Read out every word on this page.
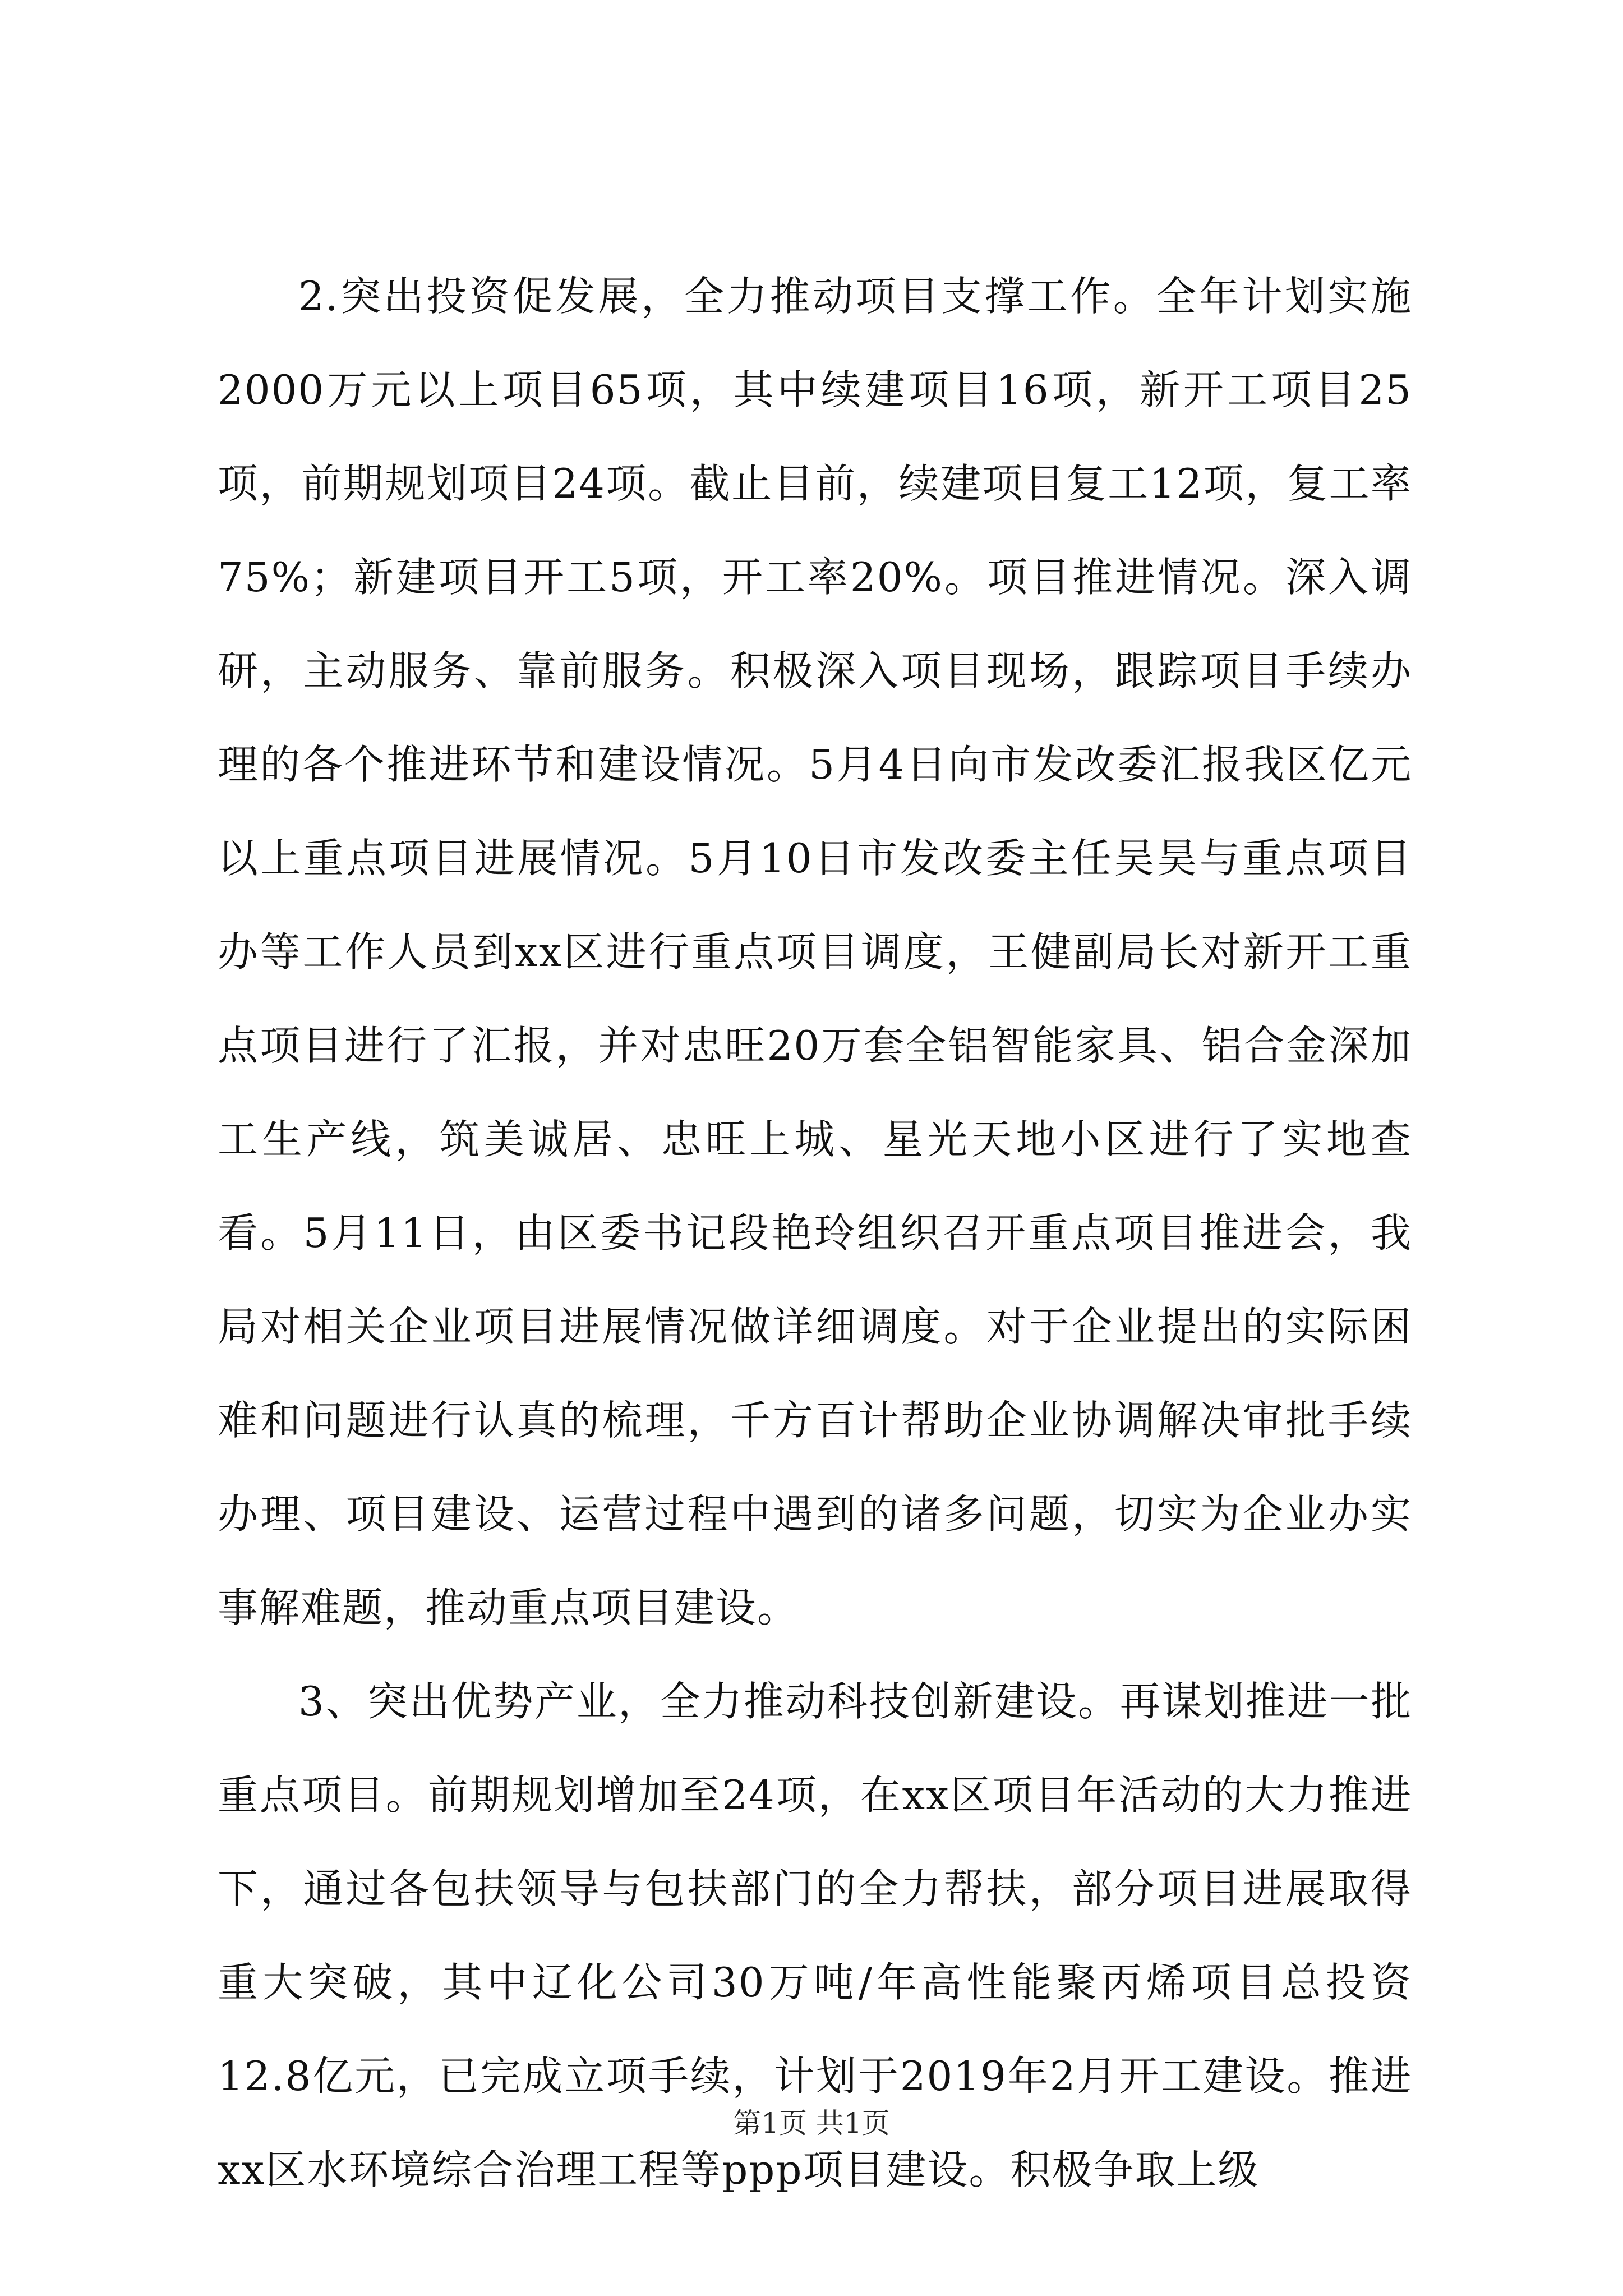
2.突出投资促发展，全力推动项目支撑工作。全年计划实施2000万元以上项目65项，其中续建项目16项，新开工项目25项，前期规划项目24项。截止目前，续建项目复工12项，复工率75%；新建项目开工5项，开工率20%。项目推进情况。深入调研，主动服务、靠前服务。积极深入项目现场，跟踪项目手续办理的各个推进环节和建设情况。5月4日向市发改委汇报我区亿元以上重点项目进展情况。5月10日市发改委主任吴昊与重点项目办等工作人员到xx区进行重点项目调度，王健副局长对新开工重点项目进行了汇报，并对忠旺20万套全铝智能家具、铝合金深加工生产线，筑美诚居、忠旺上城、星光天地小区进行了实地查看。5月11日，由区委书记段艳玲组织召开重点项目推进会，我局对相关企业项目进展情况做详细调度。对于企业提出的实际困难和问题进行认真的梳理，千方百计帮助企业协调解决审批手续办理、项目建设、运营过程中遇到的诸多问题，切实为企业办实事解难题，推动重点项目建设。

3、突出优势产业，全力推动科技创新建设。再谋划推进一批重点项目。前期规划增加至24项，在xx区项目年活动的大力推进下，通过各包扶领导与包扶部门的全力帮扶，部分项目进展取得重大突破，其中辽化公司30万吨/年高性能聚丙烯项目总投资12.8亿元，已完成立项手续，计划于2019年2月开工建设。推进xx区水环境综合治理工程等ppp项目建设。积极争取上级

第1页 共1页
